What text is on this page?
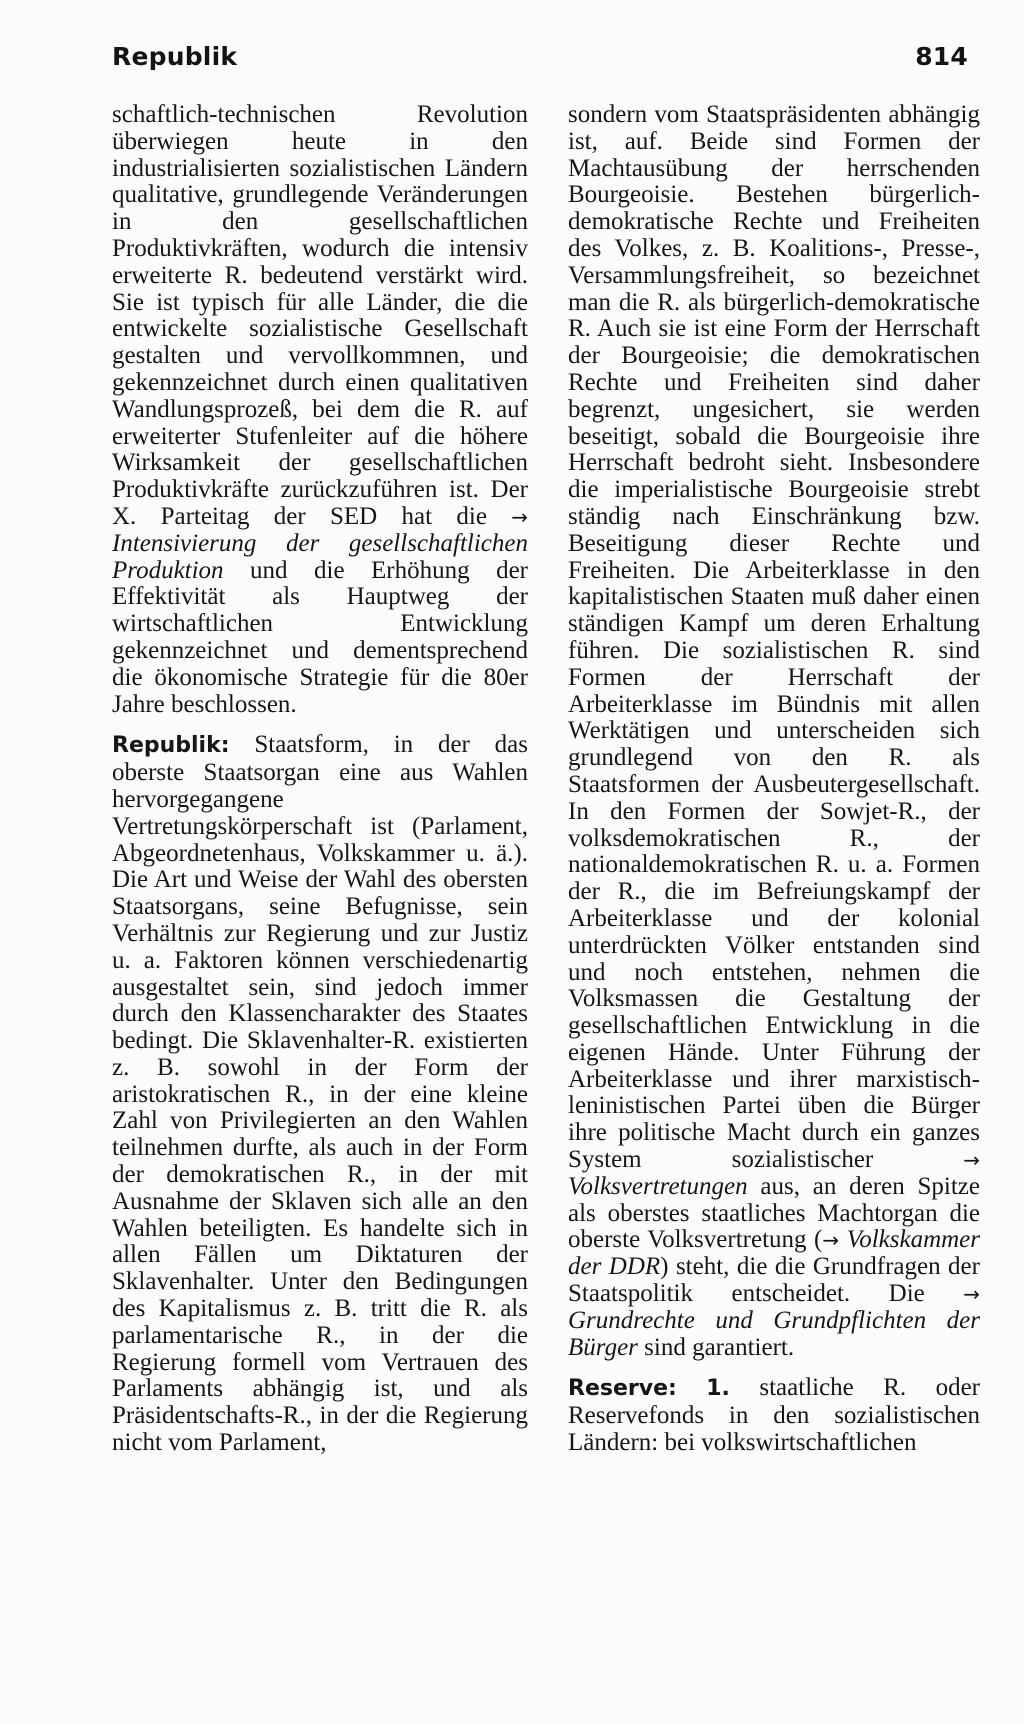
Republik	814

schaftlich-technischen Revolution überwiegen heute in den industrialisierten sozialistischen Ländern qualitative, grundlegende Veränderungen in den gesellschaftlichen Produktivkräften, wodurch die intensiv erweiterte R. bedeutend verstärkt wird. Sie ist typisch für alle Länder, die die entwickelte sozialistische Gesellschaft gestalten und vervollkommnen, und gekennzeichnet durch einen qualitativen Wandlungsprozeß, bei dem die R. auf erweiterter Stufenleiter auf die höhere Wirksamkeit der gesellschaftlichen Produktivkräfte zurückzuführen ist. Der X. Parteitag der SED hat die → Intensivierung der gesellschaftlichen Produktion und die Erhöhung der Effektivität als Hauptweg der wirtschaftlichen Entwicklung gekennzeichnet und dementsprechend die ökonomische Strategie für die 80er Jahre beschlossen.

Republik: Staatsform, in der das oberste Staatsorgan eine aus Wahlen hervorgegangene Vertretungskörperschaft ist (Parlament, Abgeordnetenhaus, Volkskammer u. ä.). Die Art und Weise der Wahl des obersten Staatsorgans, seine Befugnisse, sein Verhältnis zur Regierung und zur Justiz u. a. Faktoren können verschiedenartig ausgestaltet sein, sind jedoch immer durch den Klassencharakter des Staates bedingt. Die Sklavenhalter-R. existierten z. B. sowohl in der Form der aristokratischen R., in der eine kleine Zahl von Privilegierten an den Wahlen teilnehmen durfte, als auch in der Form der demokratischen R., in der mit Ausnahme der Sklaven sich alle an den Wahlen beteiligten. Es handelte sich in allen Fällen um Diktaturen der Sklavenhalter. Unter den Bedingungen des Kapitalismus z. B. tritt die R. als parlamentarische R., in der die Regierung formell vom Vertrauen des Parlaments abhängig ist, und als Präsidentschafts-R., in der die Regierung nicht vom Parlament,

sondern vom Staatspräsidenten abhängig ist, auf. Beide sind Formen der Machtausübung der herrschenden Bourgeoisie. Bestehen bürgerlich-demokratische Rechte und Freiheiten des Volkes, z. B. Koalitions-, Presse-, Versammlungsfreiheit, so bezeichnet man die R. als bürgerlich-demokratische R. Auch sie ist eine Form der Herrschaft der Bourgeoisie; die demokratischen Rechte und Freiheiten sind daher begrenzt, ungesichert, sie werden beseitigt, sobald die Bourgeoisie ihre Herrschaft bedroht sieht. Insbesondere die imperialistische Bourgeoisie strebt ständig nach Einschränkung bzw. Beseitigung dieser Rechte und Freiheiten. Die Arbeiterklasse in den kapitalistischen Staaten muß daher einen ständigen Kampf um deren Erhaltung führen. Die sozialistischen R. sind Formen der Herrschaft der Arbeiterklasse im Bündnis mit allen Werktätigen und unterscheiden sich grundlegend von den R. als Staatsformen der Ausbeutergesellschaft. In den Formen der Sowjet-R., der volksdemokratischen R., der nationaldemokratischen R. u. a. Formen der R., die im Befreiungskampf der Arbeiterklasse und der kolonial unterdrückten Völker entstanden sind und noch entstehen, nehmen die Volksmassen die Gestaltung der gesellschaftlichen Entwicklung in die eigenen Hände. Unter Führung der Arbeiterklasse und ihrer marxistisch-leninistischen Partei üben die Bürger ihre politische Macht durch ein ganzes System sozialistischer	→ Volksvertretungen aus, an deren Spitze als oberstes staatliches Machtorgan die oberste Volksvertretung (→ Volkskammer der DDR) steht, die die Grundfragen der Staatspolitik entscheidet. Die → Grundrechte und Grundpflichten der Bürger sind garantiert.

Reserve: 1. staatliche R. oder Reservefonds in den sozialistischen Ländern: bei volkswirtschaftlichen
